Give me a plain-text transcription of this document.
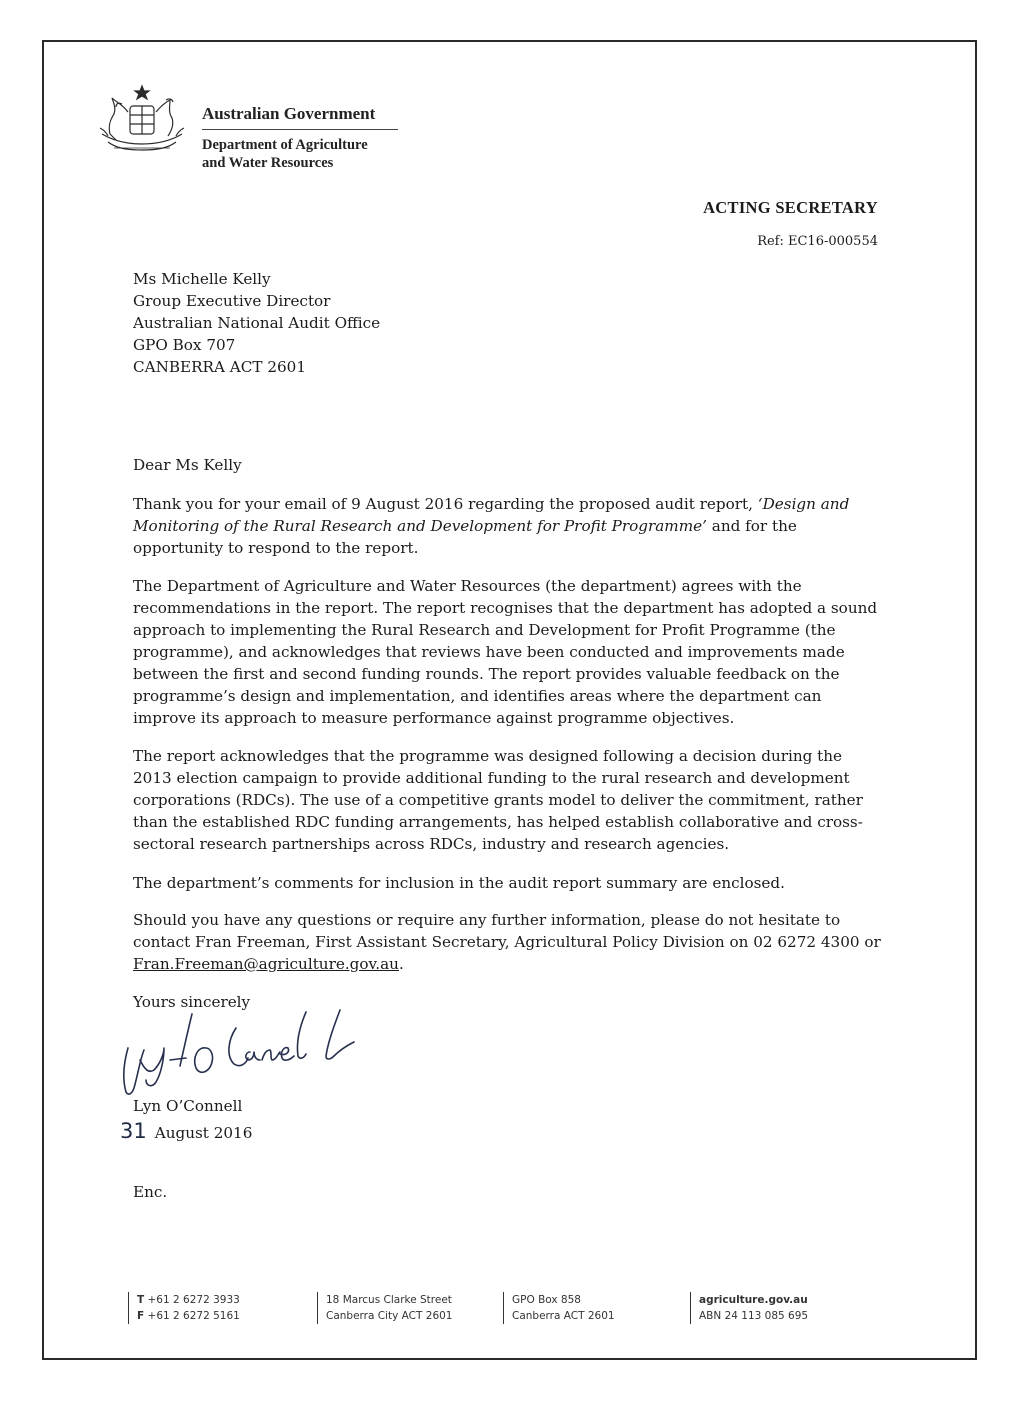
Australian Government
Department of Agriculture
and Water Resources
ACTING SECRETARY
Ref: EC16-000554
Ms Michelle Kelly
Group Executive Director
Australian National Audit Office
GPO Box 707
CANBERRA ACT 2601

Dear Ms Kelly

Thank you for your email of 9 August 2016 regarding the proposed audit report, ‘Design and Monitoring of the Rural Research and Development for Profit Programme’ and for the opportunity to respond to the report.

The Department of Agriculture and Water Resources (the department) agrees with the recommendations in the report. The report recognises that the department has adopted a sound approach to implementing the Rural Research and Development for Profit Programme (the programme), and acknowledges that reviews have been conducted and improvements made between the first and second funding rounds. The report provides valuable feedback on the programme’s design and implementation, and identifies areas where the department can improve its approach to measure performance against programme objectives.

The report acknowledges that the programme was designed following a decision during the 2013 election campaign to provide additional funding to the rural research and development corporations (RDCs). The use of a competitive grants model to deliver the commitment, rather than the established RDC funding arrangements, has helped establish collaborative and cross-sectoral research partnerships across RDCs, industry and research agencies.

The department’s comments for inclusion in the audit report summary are enclosed.

Should you have any questions or require any further information, please do not hesitate to contact Fran Freeman, First Assistant Secretary, Agricultural Policy Division on 02 6272 4300 or Fran.Freeman@agriculture.gov.au.

Yours sincerely

Lyn O’Connell
31 August 2016
Enc.
T +61 2 6272 3933
F +61 2 6272 5161
18 Marcus Clarke Street
Canberra City ACT 2601
GPO Box 858
Canberra ACT 2601
agriculture.gov.au
ABN 24 113 085 695
